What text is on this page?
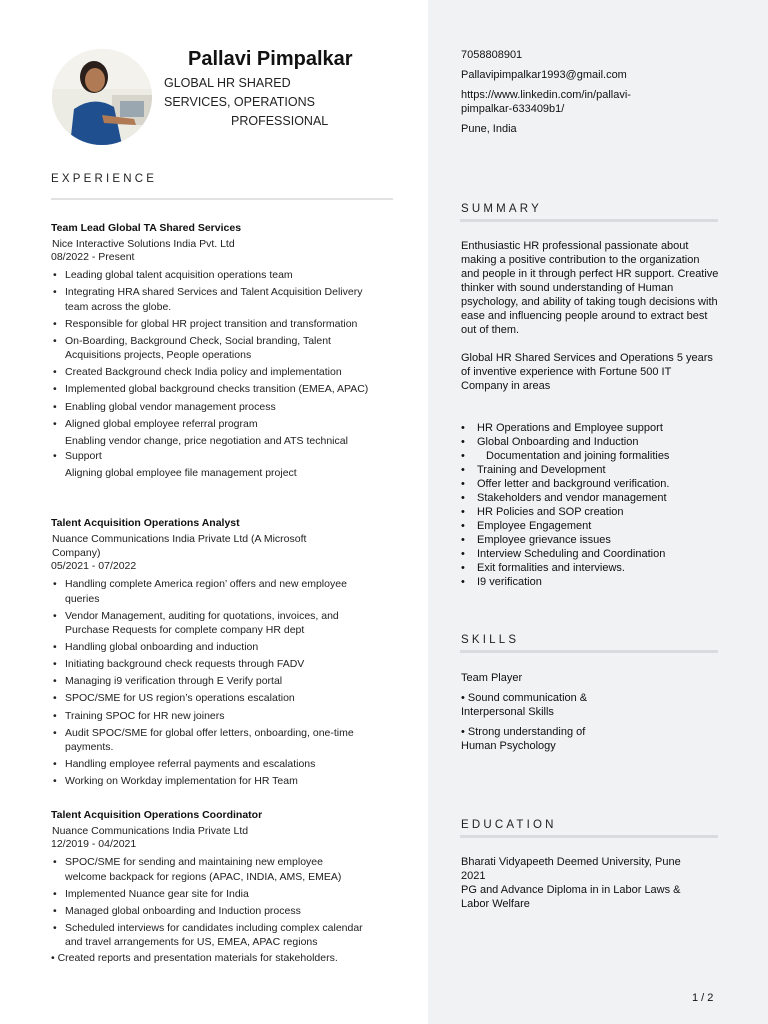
Pallavi Pimpalkar
GLOBAL HR SHARED
SERVICES, OPERATIONS
PROFESSIONAL
7058808901
Pallavipimpalkar1993@gmail.com
https://www.linkedin.com/in/pallavi-
pimpalkar-633409b1/
Pune, India
EXPERIENCE
Team Lead Global TA Shared Services
Nice Interactive Solutions India Pvt. Ltd
08/2022 - Present
• Leading global talent acquisition operations team
• Integrating HRA shared Services and Talent Acquisition Delivery team across the globe.
• Responsible for global HR project transition and transformation
• On-Boarding, Background Check, Social branding, Talent Acquisitions projects, People operations
• Created Background check India policy and implementation
• Implemented global background checks transition (EMEA, APAC)
• Enabling global vendor management process
• Aligned global employee referral program
Enabling vendor change, price negotiation and ATS technical
• Support
Aligning global employee file management project
Talent Acquisition Operations Analyst
Nuance Communications India Private Ltd (A Microsoft Company)
05/2021 - 07/2022
• Handling complete America region’ offers and new employee queries
• Vendor Management, auditing for quotations, invoices, and Purchase Requests for complete company HR dept
• Handling global onboarding and induction
• Initiating background check requests through FADV
• Managing i9 verification through E Verify portal
• SPOC/SME for US region’s operations escalation
• Training SPOC for HR new joiners
• Audit SPOC/SME for global offer letters, onboarding, one-time payments.
• Handling employee referral payments and escalations
• Working on Workday implementation for HR Team
Talent Acquisition Operations Coordinator
Nuance Communications India Private Ltd
12/2019 - 04/2021
• SPOC/SME for sending and maintaining new employee welcome backpack for regions (APAC, INDIA, AMS, EMEA)
• Implemented Nuance gear site for India
• Managed global onboarding and Induction process
• Scheduled interviews for candidates including complex calendar and travel arrangements for US, EMEA, APAC regions
• Created reports and presentation materials for stakeholders.
SUMMARY

Enthusiastic HR professional passionate about making a positive contribution to the organization and people in it through perfect HR support. Creative thinker with sound understanding of Human psychology, and ability of taking tough decisions with ease and influencing people around to extract best out of them.

Global HR Shared Services and Operations 5 years of inventive experience with Fortune 500 IT Company in areas

• HR Operations and Employee support
• Global Onboarding and Induction
• Documentation and joining formalities
• Training and Development
• Offer letter and background verification.
• Stakeholders and vendor management
• HR Policies and SOP creation
• Employee Engagement
• Employee grievance issues
• Interview Scheduling and Coordination
• Exit formalities and interviews.
• I9 verification
SKILLS
Team Player
• Sound communication &
Interpersonal Skills
• Strong understanding of
Human Psychology
EDUCATION
Bharati Vidyapeeth Deemed University, Pune
2021
PG and Advance Diploma in in Labor Laws & Labor Welfare
1 / 2
